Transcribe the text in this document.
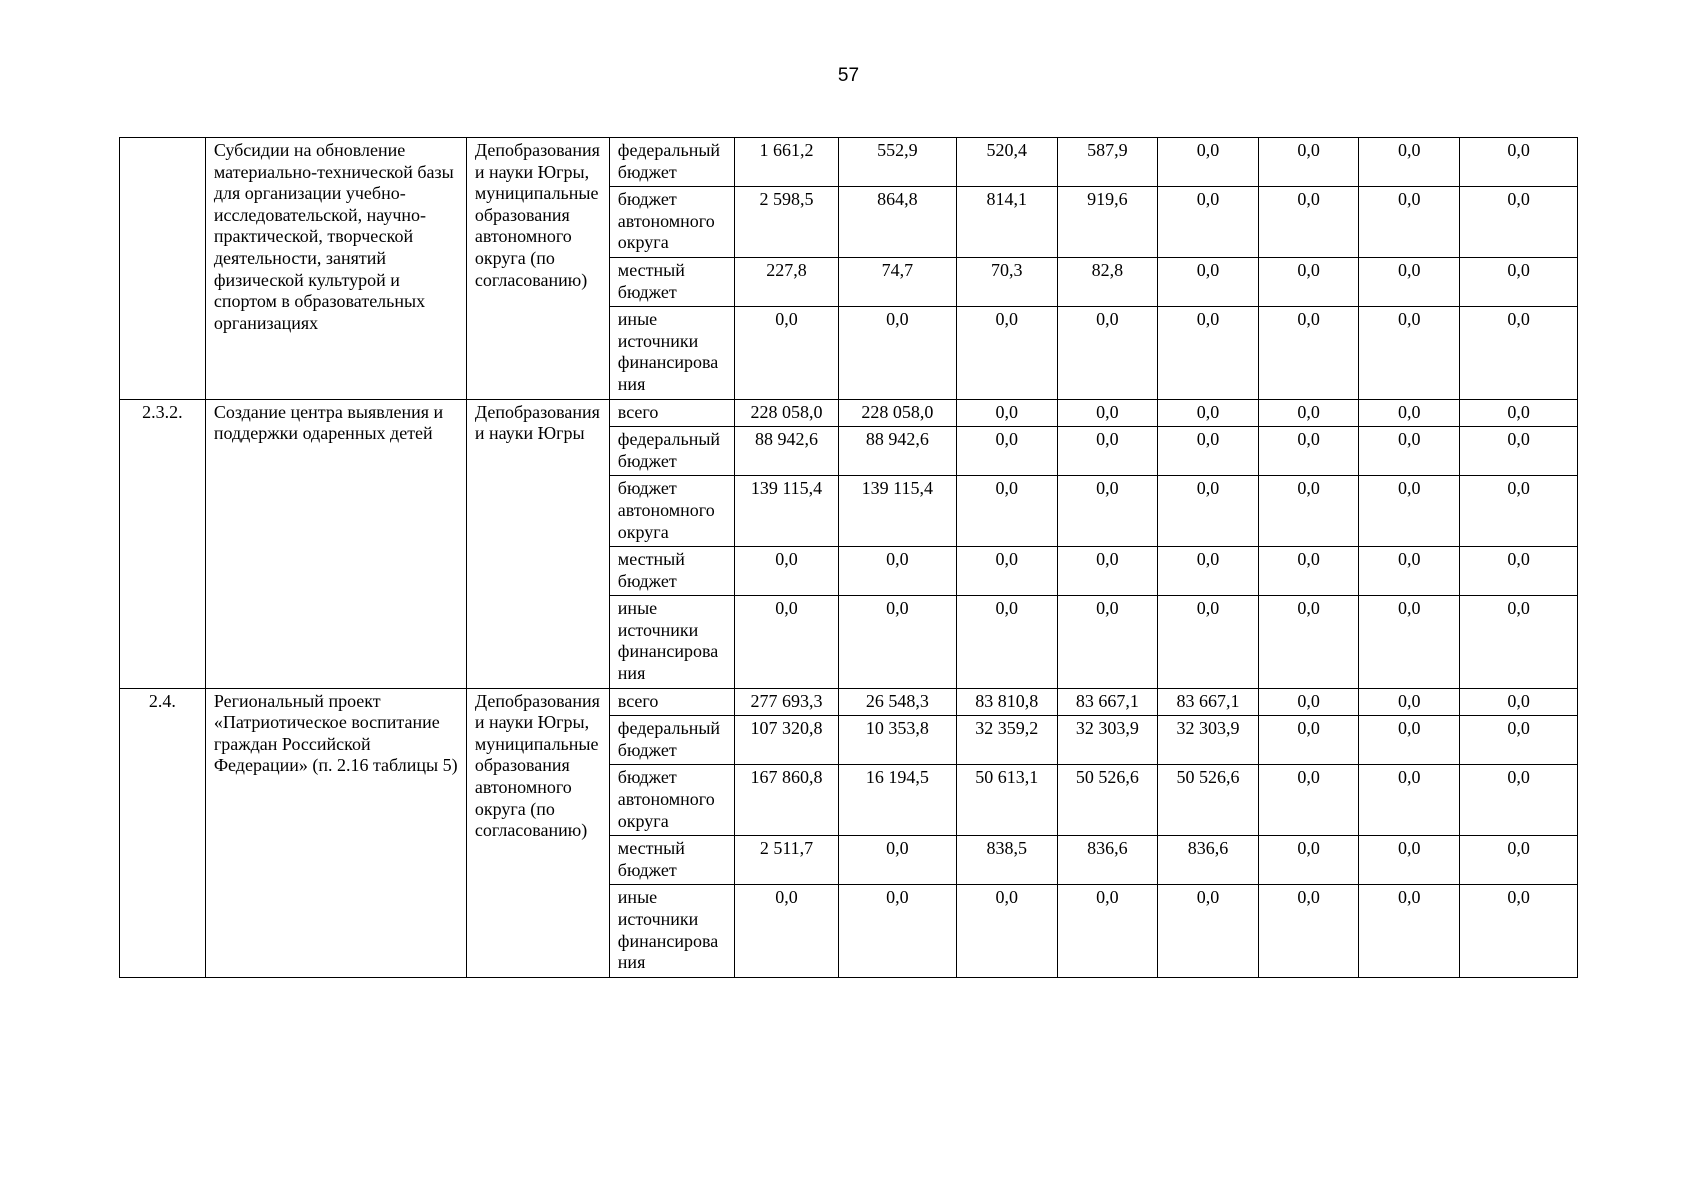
57
	Субсидии на обновление материально-технической базы для организации учебно-исследовательской, научно-практической, творческой деятельности, занятий физической культурой и спортом в образовательных организациях	Депобразования и науки Югры, муниципальные образования автономного округа (по согласованию)	федеральный бюджет	1 661,2	552,9	520,4	587,9	0,0	0,0	0,0	0,0
			бюджет автономного округа	2 598,5	864,8	814,1	919,6	0,0	0,0	0,0	0,0
			местный бюджет	227,8	74,7	70,3	82,8	0,0	0,0	0,0	0,0
			иные источники финансирования	0,0	0,0	0,0	0,0	0,0	0,0	0,0	0,0
2.3.2.	Создание центра выявления и поддержки одаренных детей	Депобразования и науки Югры	всего	228 058,0	228 058,0	0,0	0,0	0,0	0,0	0,0	0,0
			федеральный бюджет	88 942,6	88 942,6	0,0	0,0	0,0	0,0	0,0	0,0
			бюджет автономного округа	139 115,4	139 115,4	0,0	0,0	0,0	0,0	0,0	0,0
			местный бюджет	0,0	0,0	0,0	0,0	0,0	0,0	0,0	0,0
			иные источники финансирования	0,0	0,0	0,0	0,0	0,0	0,0	0,0	0,0
2.4.	Региональный проект «Патриотическое воспитание граждан Российской Федерации» (п. 2.16 таблицы 5)	Депобразования и науки Югры, муниципальные образования автономного округа (по согласованию)	всего	277 693,3	26 548,3	83 810,8	83 667,1	83 667,1	0,0	0,0	0,0
			федеральный бюджет	107 320,8	10 353,8	32 359,2	32 303,9	32 303,9	0,0	0,0	0,0
			бюджет автономного округа	167 860,8	16 194,5	50 613,1	50 526,6	50 526,6	0,0	0,0	0,0
			местный бюджет	2 511,7	0,0	838,5	836,6	836,6	0,0	0,0	0,0
			иные источники финансирования	0,0	0,0	0,0	0,0	0,0	0,0	0,0	0,0
